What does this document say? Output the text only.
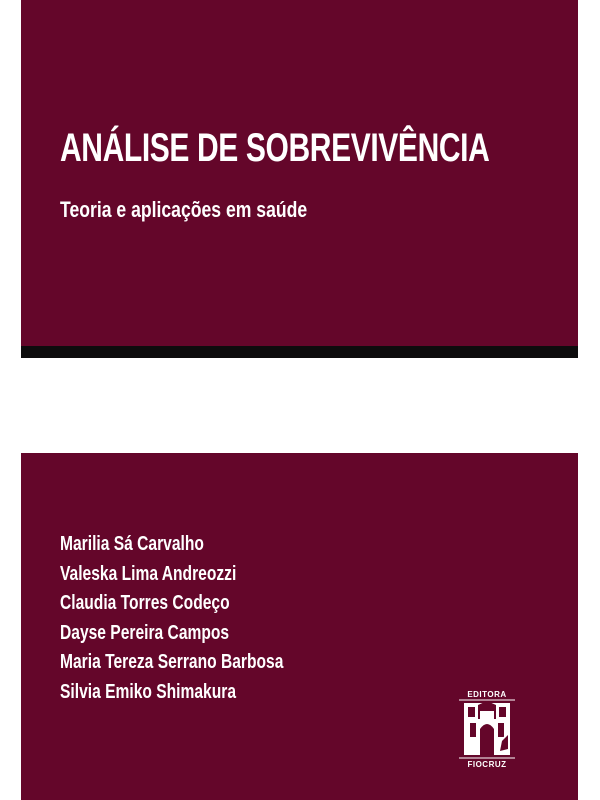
ANÁLISE DE SOBREVIVÊNCIA
Teoria e aplicações em saúde
Marilia Sá Carvalho
Valeska Lima Andreozzi
Claudia Torres Codeço
Dayse Pereira Campos
Maria Tereza Serrano Barbosa
Silvia Emiko Shimakura	EDITORA
FIOCRUZ
